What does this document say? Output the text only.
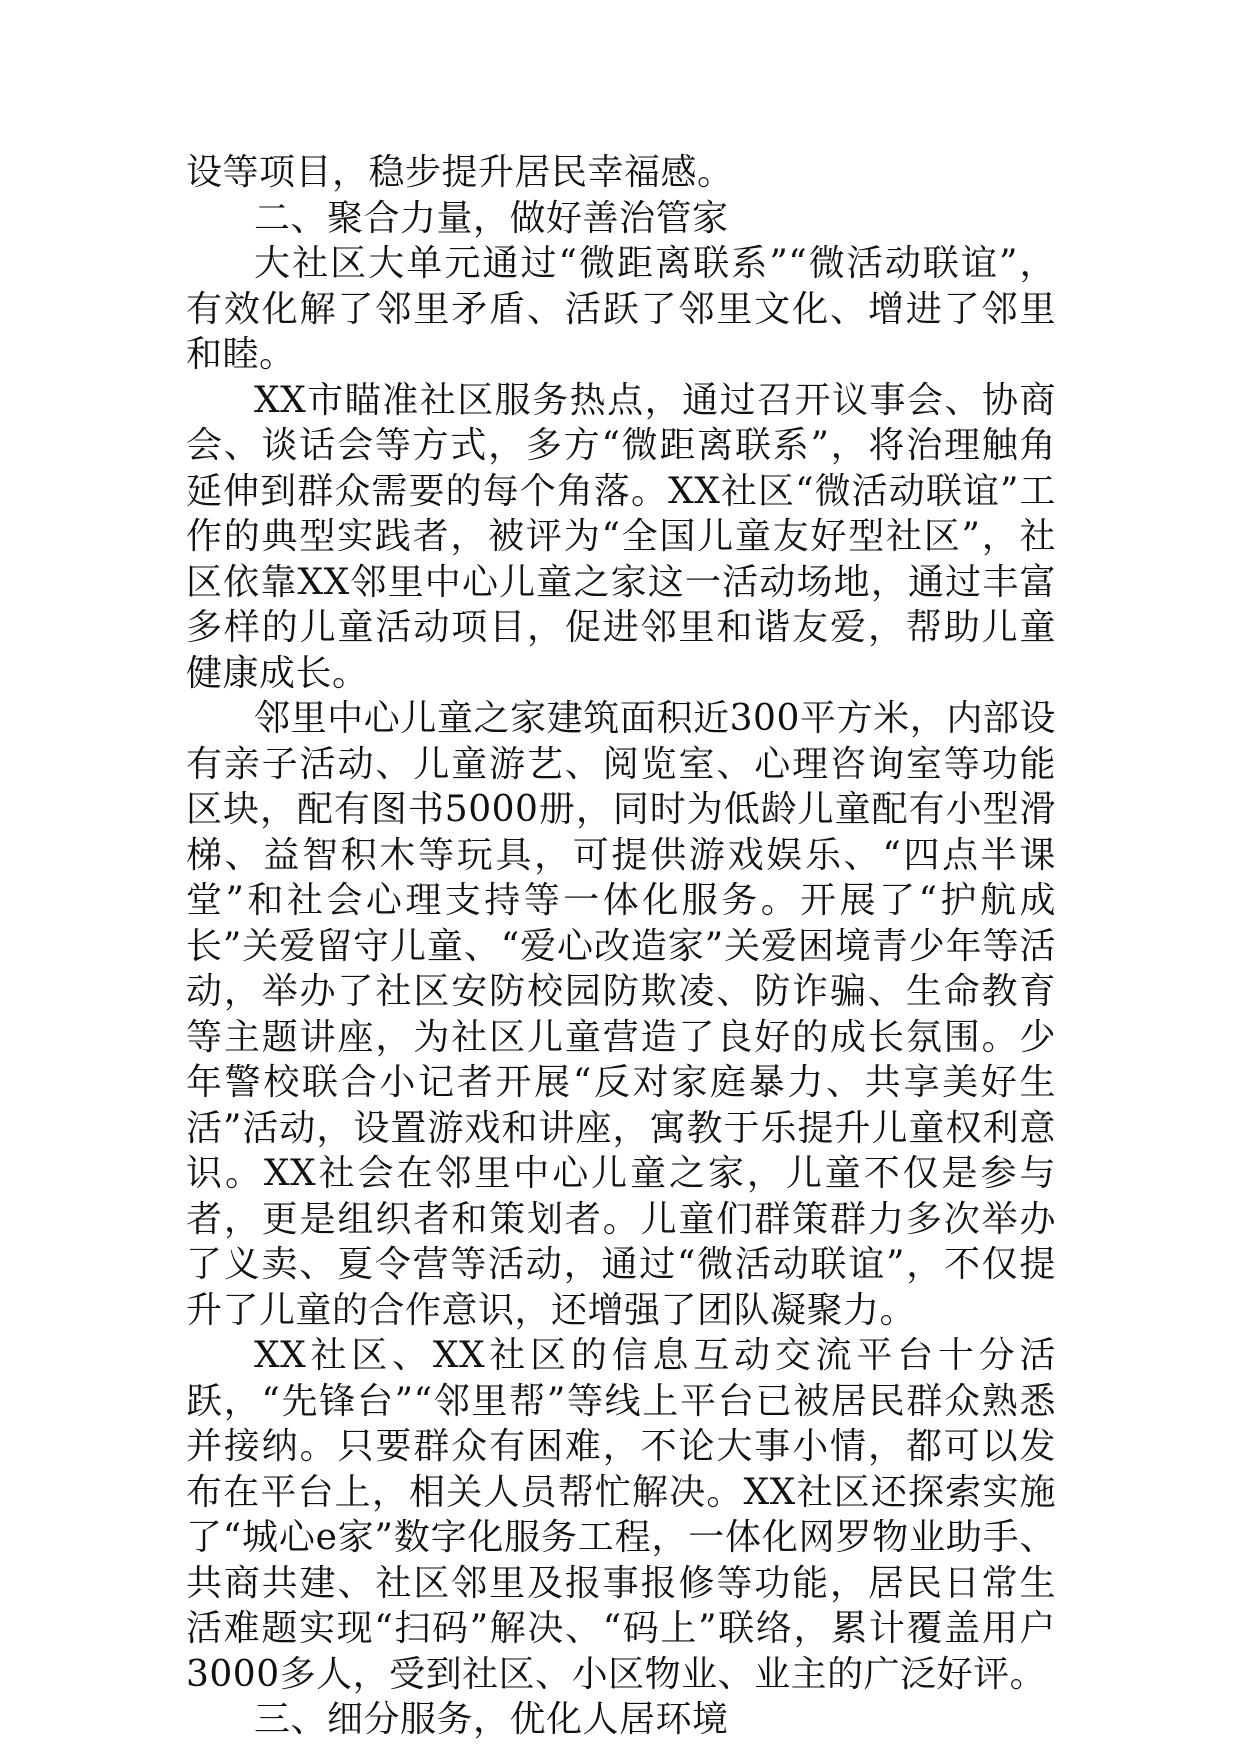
设等项目，稳步提升居民幸福感。

二、聚合力量，做好善治管家

大社区大单元通过“微距离联系”“微活动联谊”，有效化解了邻里矛盾、活跃了邻里文化、增进了邻里和睦。

XX市瞄准社区服务热点，通过召开议事会、协商会、谈话会等方式，多方“微距离联系”，将治理触角延伸到群众需要的每个角落。XX社区“微活动联谊”工作的典型实践者，被评为“全国儿童友好型社区”，社区依靠XX邻里中心儿童之家这一活动场地，通过丰富多样的儿童活动项目，促进邻里和谐友爱，帮助儿童健康成长。

邻里中心儿童之家建筑面积近300平方米，内部设有亲子活动、儿童游艺、阅览室、心理咨询室等功能区块，配有图书5000册，同时为低龄儿童配有小型滑梯、益智积木等玩具，可提供游戏娱乐、“四点半课堂”和社会心理支持等一体化服务。开展了“护航成长”关爱留守儿童、“爱心改造家”关爱困境青少年等活动，举办了社区安防校园防欺凌、防诈骗、生命教育等主题讲座，为社区儿童营造了良好的成长氛围。少年警校联合小记者开展“反对家庭暴力、共享美好生活”活动，设置游戏和讲座，寓教于乐提升儿童权利意识。XX社会在邻里中心儿童之家，儿童不仅是参与者，更是组织者和策划者。儿童们群策群力多次举办了义卖、夏令营等活动，通过“微活动联谊”，不仅提升了儿童的合作意识，还增强了团队凝聚力。

XX社区、XX社区的信息互动交流平台十分活跃，“先锋台”“邻里帮”等线上平台已被居民群众熟悉并接纳。只要群众有困难，不论大事小情，都可以发布在平台上，相关人员帮忙解决。XX社区还探索实施了“城心e家”数字化服务工程，一体化网罗物业助手、共商共建、社区邻里及报事报修等功能，居民日常生活难题实现“扫码”解决、“码上”联络，累计覆盖用户3000多人，受到社区、小区物业、业主的广泛好评。

三、细分服务，优化人居环境
